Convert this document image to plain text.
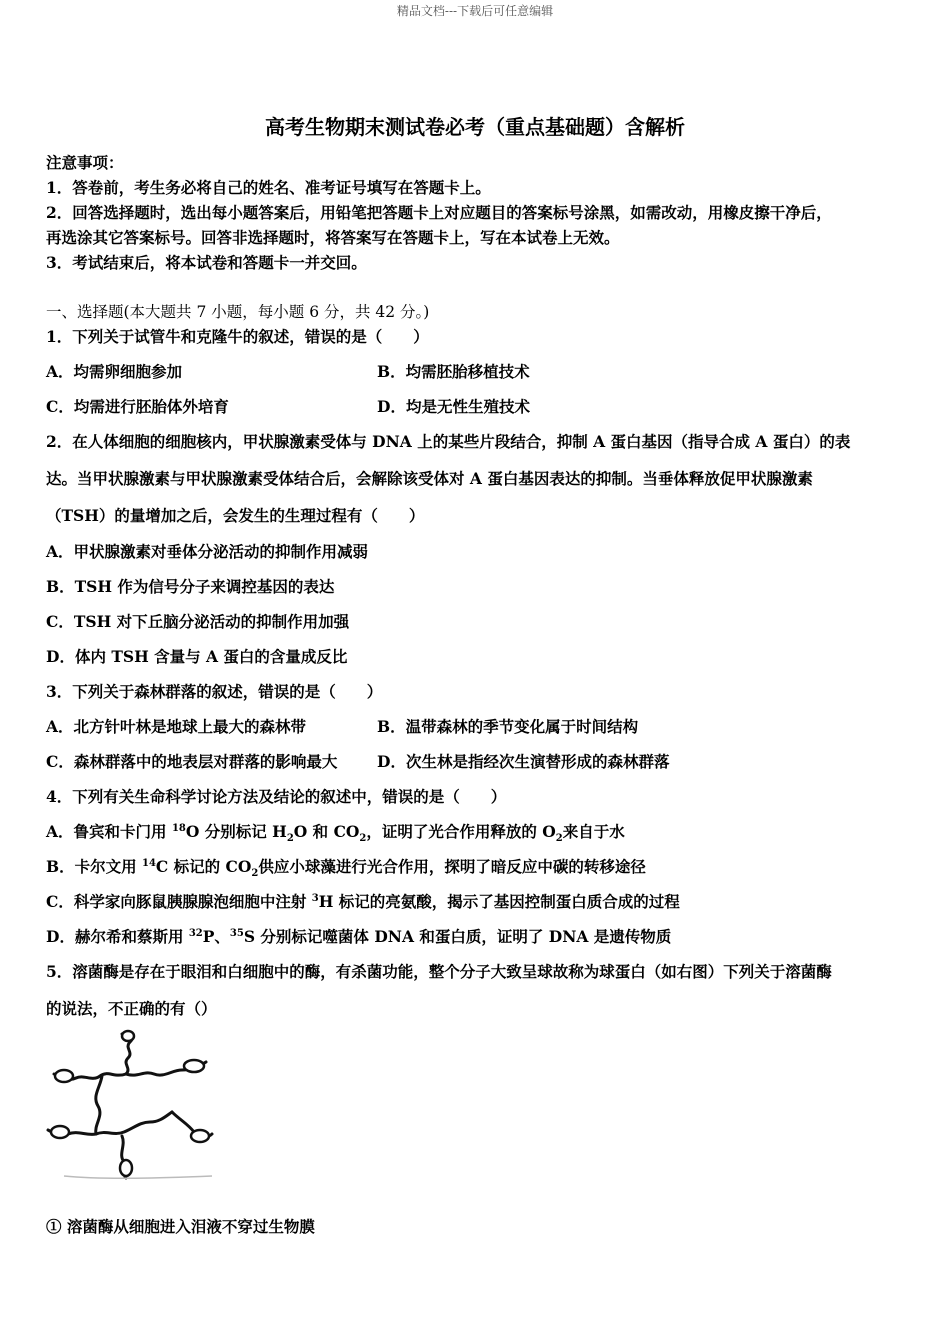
精品文档---下载后可任意编辑
高考生物期末测试卷必考（重点基础题）含解析
注意事项：
1．答卷前，考生务必将自己的姓名、准考证号填写在答题卡上。
2．回答选择题时，选出每小题答案后，用铅笔把答题卡上对应题目的答案标号涂黑，如需改动，用橡皮擦干净后，
再选涂其它答案标号。回答非选择题时，将答案写在答题卡上，写在本试卷上无效。
3．考试结束后，将本试卷和答题卡一并交回。
一、选择题(本大题共 7 小题，每小题 6 分，共 42 分。)
1．下列关于试管牛和克隆牛的叙述，错误的是（　　）
A．均需卵细胞参加	B．均需胚胎移植技术
C．均需进行胚胎体外培育	D．均是无性生殖技术
2．在人体细胞的细胞核内，甲状腺激素受体与 DNA 上的某些片段结合，抑制 A 蛋白基因（指导合成 A 蛋白）的表
达。当甲状腺激素与甲状腺激素受体结合后，会解除该受体对 A 蛋白基因表达的抑制。当垂体释放促甲状腺激素
（TSH）的量增加之后，会发生的生理过程有（　　）
A．甲状腺激素对垂体分泌活动的抑制作用减弱
B．TSH 作为信号分子来调控基因的表达
C．TSH 对下丘脑分泌活动的抑制作用加强
D．体内 TSH 含量与 A 蛋白的含量成反比
3．下列关于森林群落的叙述，错误的是（　　）
A．北方针叶林是地球上最大的森林带	B．温带森林的季节变化属于时间结构
C．森林群落中的地表层对群落的影响最大	D．次生林是指经次生演替形成的森林群落
4．下列有关生命科学讨论方法及结论的叙述中，错误的是（　　）
A．鲁宾和卡门用 $^{18}$O 分别标记 $H_2O$ 和 $CO_2$，证明了光合作用释放的 $O_2$来自于水
B．卡尔文用 $^{14}$C 标记的 $CO_2$供应小球藻进行光合作用，探明了暗反应中碳的转移途径
C．科学家向豚鼠胰腺腺泡细胞中注射 $^3$H 标记的亮氨酸，揭示了基因控制蛋白质合成的过程
D．赫尔希和蔡斯用 $^{32}$P、$^{35}$S 分别标记噬菌体 DNA 和蛋白质，证明了 DNA 是遗传物质
5．溶菌酶是存在于眼泪和白细胞中的酶，有杀菌功能，整个分子大致呈球故称为球蛋白（如右图）下列关于溶菌酶
的说法，不正确的有（）
① 溶菌酶从细胞进入泪液不穿过生物膜
